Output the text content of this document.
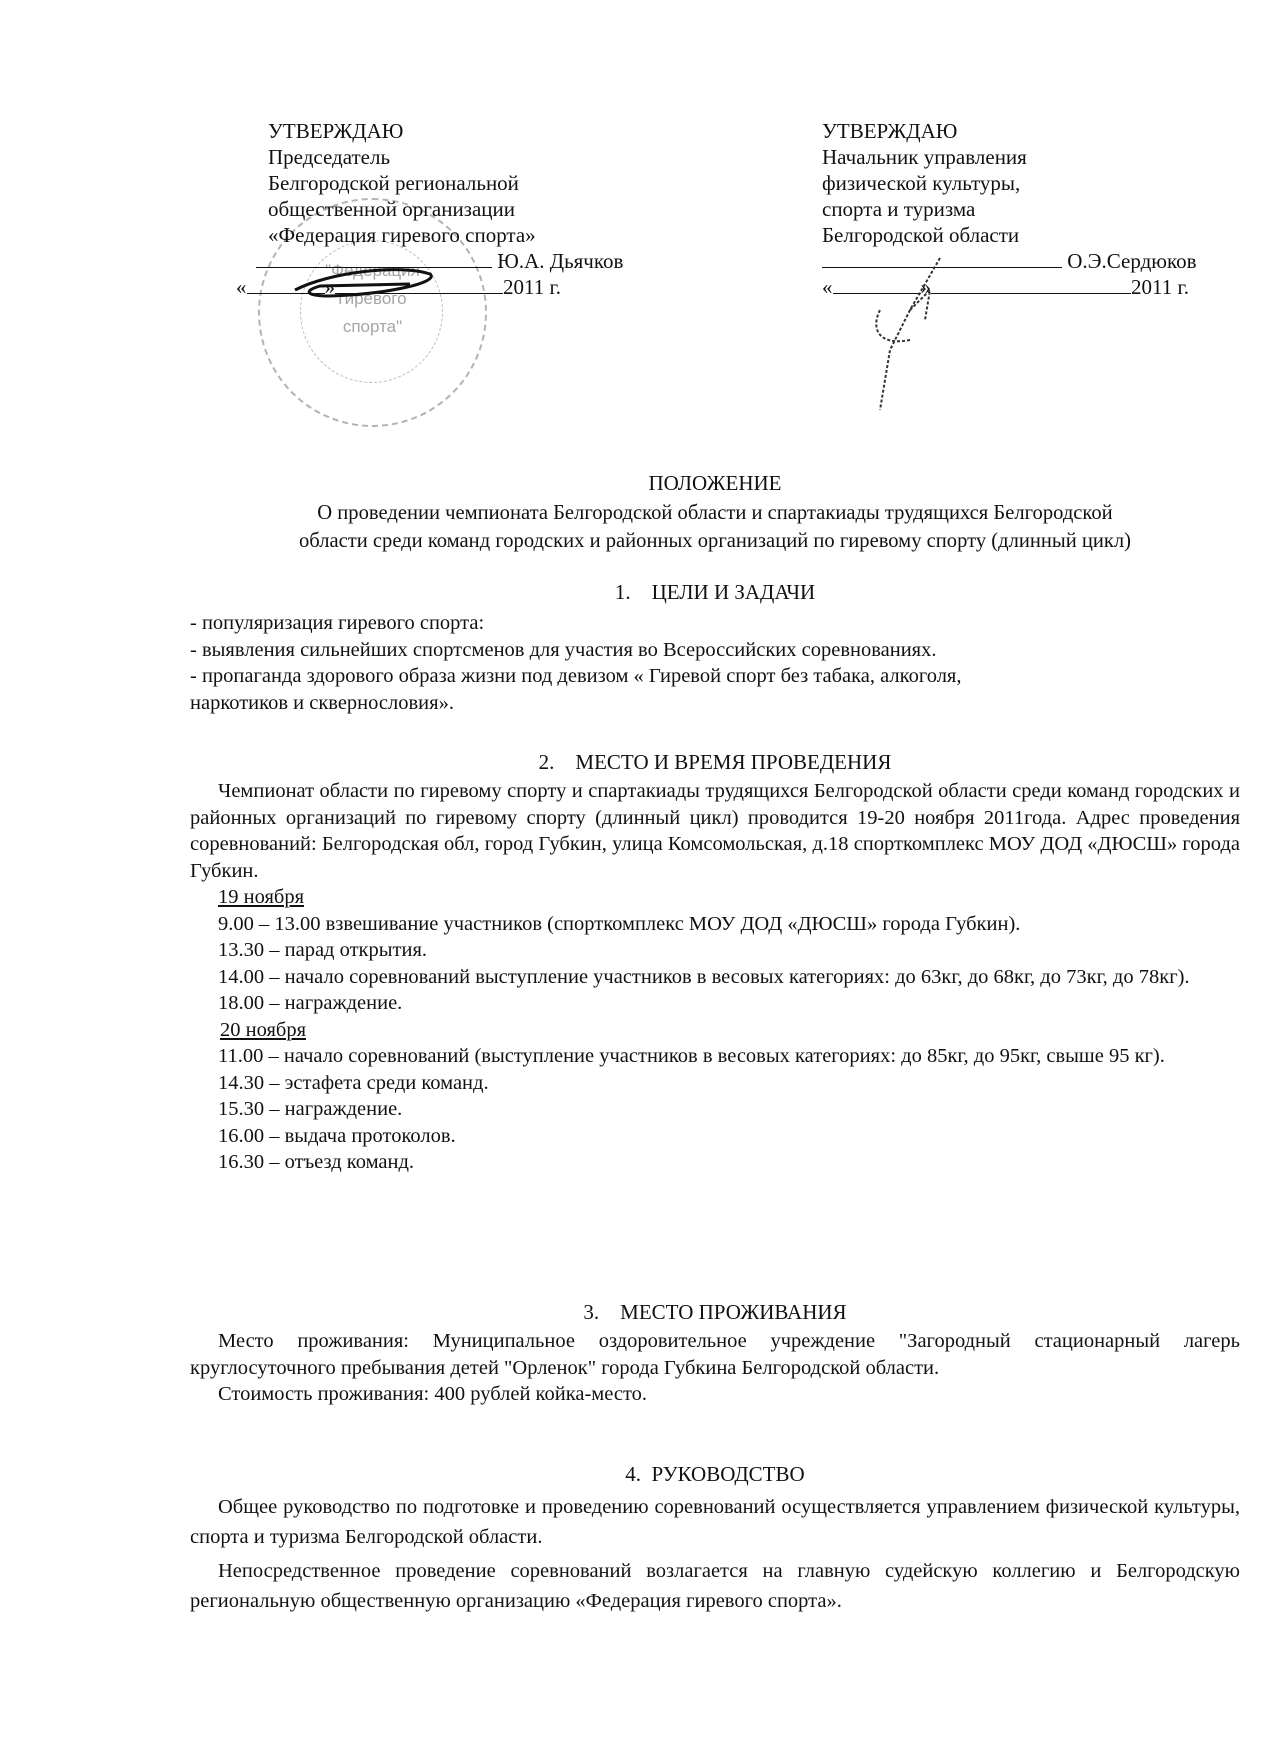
"Федерация
гиревого
спорта"
УТВЕРЖДАЮ
Председатель
Белгородской региональной
общественной организации
«Федерация гиревого спорта»
Ю.А. Дьячков
«	»	2011 г.
УТВЕРЖДАЮ
Начальник управления
физической культуры,
спорта и туризма
Белгородской области
О.Э.Сердюков
«	»	2011 г.
ПОЛОЖЕНИЕ
О проведении чемпионата Белгородской области и спартакиады трудящихся Белгородской
области среди команд городских и районных организаций по гиревому спорту (длинный цикл)
1. ЦЕЛИ И ЗАДАЧИ

- популяризация гиревого спорта:

- выявления сильнейших спортсменов для участия во Всероссийских соревнованиях.

- пропаганда здорового образа жизни под девизом « Гиревой спорт без табака, алкоголя, наркотиков и сквернословия».

2. МЕСТО И ВРЕМЯ ПРОВЕДЕНИЯ

Чемпионат области по гиревому спорту и спартакиады трудящихся Белгородской области среди команд городских и районных организаций по гиревому спорту (длинный цикл) проводится 19-20 ноября 2011года. Адрес проведения соревнований: Белгородская обл, город Губкин, улица Комсомольская, д.18 спорткомплекс МОУ ДОД «ДЮСШ» города Губкин.

19 ноября

9.00 – 13.00 взвешивание участников (спорткомплекс МОУ ДОД «ДЮСШ» города Губкин).

13.30 – парад открытия.

14.00 – начало соревнований выступление участников в весовых категориях: до 63кг, до 68кг, до 73кг, до 78кг).

18.00 – награждение.

20 ноября

11.00 – начало соревнований (выступление участников в весовых категориях: до 85кг, до 95кг, свыше 95 кг).

14.30 – эстафета среди команд.

15.30 – награждение.

16.00 – выдача протоколов.

16.30 – отъезд команд.

3. МЕСТО ПРОЖИВАНИЯ

Место проживания: Муниципальное оздоровительное учреждение "Загородный стационарный лагерь круглосуточного пребывания детей "Орленок" города Губкина Белгородской области.

Стоимость проживания: 400 рублей койка-место.

4. РУКОВОДСТВО

Общее руководство по подготовке и проведению соревнований осуществляется управлением физической культуры, спорта и туризма Белгородской области.

Непосредственное проведение соревнований возлагается на главную судейскую коллегию и Белгородскую региональную общественную организацию «Федерация гиревого спорта».
